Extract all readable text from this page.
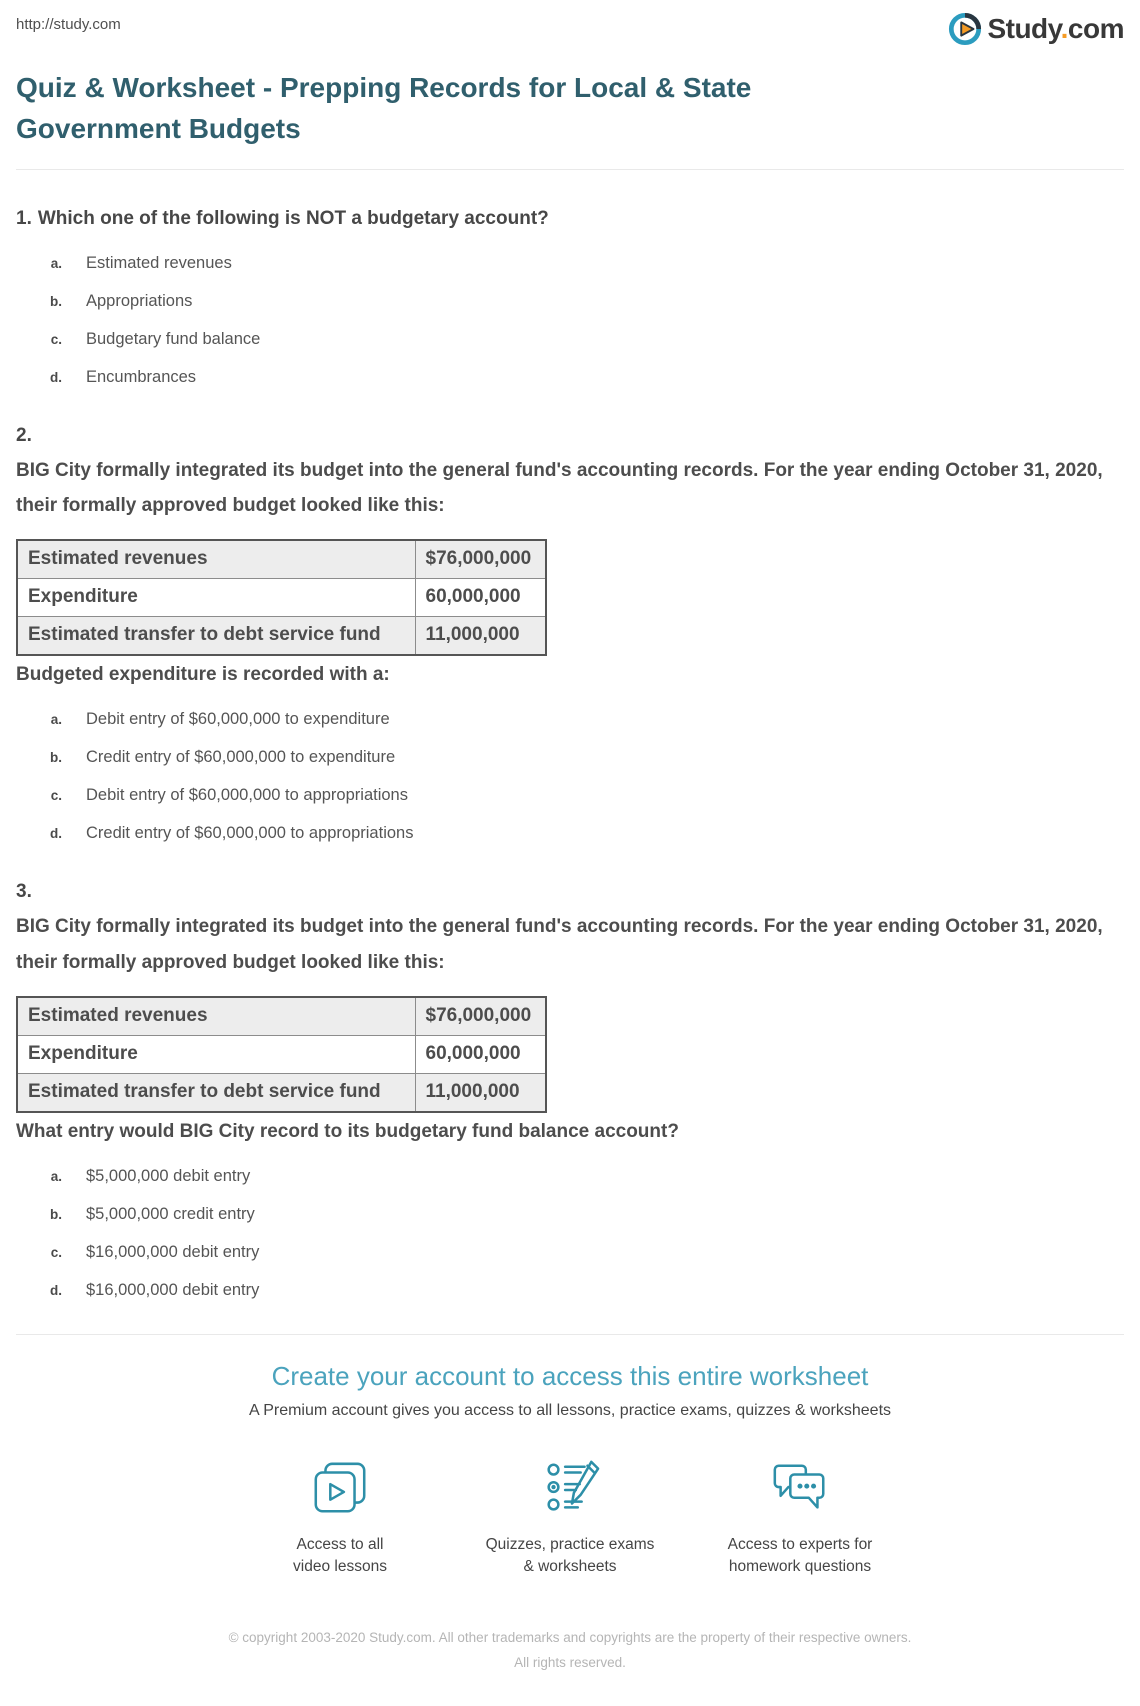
http://study.com	Study.com
Quiz & Worksheet - Prepping Records for Local & State Government Budgets
1. Which one of the following is NOT a budgetary account?
a. Estimated revenues
b. Appropriations
c. Budgetary fund balance
d. Encumbrances
2.

BIG City formally integrated its budget into the general fund's accounting records. For the year ending October 31, 2020, their formally approved budget looked like this:

Estimated revenues	$76,000,000
Expenditure	60,000,000
Estimated transfer to debt service fund	11,000,000

Budgeted expenditure is recorded with a:

a. Debit entry of $60,000,000 to expenditure
b. Credit entry of $60,000,000 to expenditure
c. Debit entry of $60,000,000 to appropriations
d. Credit entry of $60,000,000 to appropriations
3.

BIG City formally integrated its budget into the general fund's accounting records. For the year ending October 31, 2020, their formally approved budget looked like this:

Estimated revenues	$76,000,000
Expenditure	60,000,000
Estimated transfer to debt service fund	11,000,000

What entry would BIG City record to its budgetary fund balance account?

a. $5,000,000 debit entry
b. $5,000,000 credit entry
c. $16,000,000 debit entry
d. $16,000,000 debit entry
Create your account to access this entire worksheet

A Premium account gives you access to all lessons, practice exams, quizzes & worksheets

Access to all
video lessons
Quizzes, practice exams
& worksheets
Access to experts for
homework questions

© copyright 2003-2020 Study.com. All other trademarks and copyrights are the property of their respective owners. All rights reserved.
